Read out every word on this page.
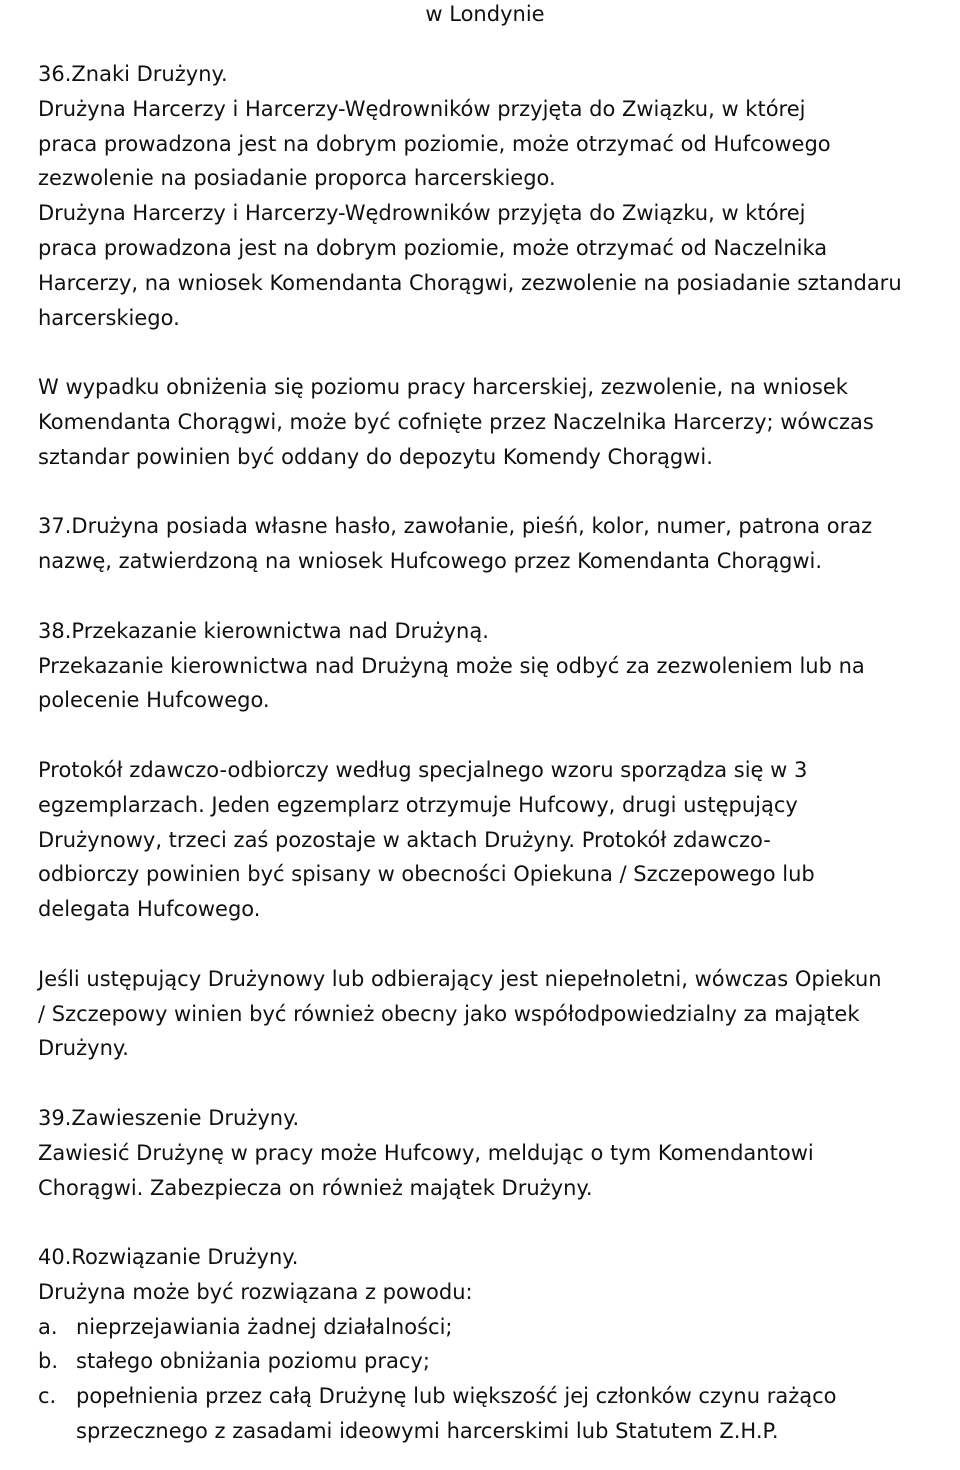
w Londynie
36.Znaki Drużyny.
Drużyna Harcerzy i Harcerzy-Wędrowników przyjęta do Związku, w której
praca prowadzona jest na dobrym poziomie, może otrzymać od Hufcowego
zezwolenie na posiadanie proporca harcerskiego.
Drużyna Harcerzy i Harcerzy-Wędrowników przyjęta do Związku, w której
praca prowadzona jest na dobrym poziomie, może otrzymać od Naczelnika
Harcerzy, na wniosek Komendanta Chorągwi, zezwolenie na posiadanie sztandaru
harcerskiego.
W wypadku obniżenia się poziomu pracy harcerskiej, zezwolenie, na wniosek
Komendanta Chorągwi, może być cofnięte przez Naczelnika Harcerzy; wówczas
sztandar powinien być oddany do depozytu Komendy Chorągwi.
37.Drużyna posiada własne hasło, zawołanie, pieśń, kolor, numer, patrona oraz
nazwę, zatwierdzoną na wniosek Hufcowego przez Komendanta Chorągwi.
38.Przekazanie kierownictwa nad Drużyną.
Przekazanie kierownictwa nad Drużyną może się odbyć za zezwoleniem lub na
polecenie Hufcowego.
Protokół zdawczo-odbiorczy według specjalnego wzoru sporządza się w 3
egzemplarzach. Jeden egzemplarz otrzymuje Hufcowy, drugi ustępujący
Drużynowy, trzeci zaś pozostaje w aktach Drużyny. Protokół zdawczo-
odbiorczy powinien być spisany w obecności Opiekuna / Szczepowego lub
delegata Hufcowego.
Jeśli ustępujący Drużynowy lub odbierający jest niepełnoletni, wówczas Opiekun
/ Szczepowy winien być również obecny jako współodpowiedzialny za majątek
Drużyny.
39.Zawieszenie Drużyny.
Zawiesić Drużynę w pracy może Hufcowy, meldując o tym Komendantowi
Chorągwi. Zabezpiecza on również majątek Drużyny.
40.Rozwiązanie Drużyny.
Drużyna może być rozwiązana z powodu:
a. nieprzejawiania żadnej działalności;
b. stałego obniżania poziomu pracy;
c. popełnienia przez całą Drużynę lub większość jej członków czynu rażąco
sprzecznego z zasadami ideowymi harcerskimi lub Statutem Z.H.P.
